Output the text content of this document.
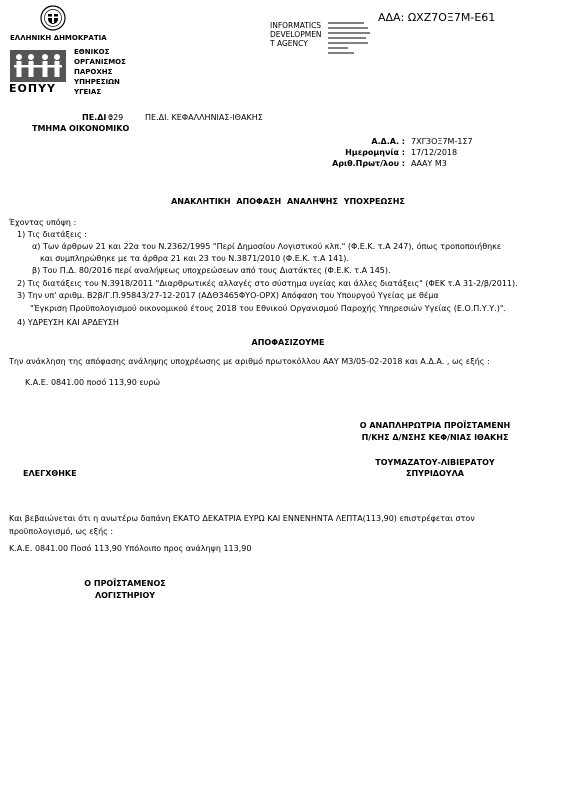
ΕΛΛΗΝΙΚΗ ΔΗΜΟΚΡΑΤΙΑ
ΕΟΠΥΥ
ΕΘΝΙΚΟΣ
ΟΡΓΑΝΙΣΜΟΣ
ΠΑΡΟΧΗΣ
ΥΠΗΡΕΣΙΩΝ
ΥΓΕΙΑΣ
INFORMATICS
DEVELOPMEN
T AGENCY
ΑΔΑ: ΩΧΖ7ΟΞ7Μ-Ε61
ΠΕ.ΔΙ :
029	ΠΕ.ΔΙ. ΚΕΦΑΛΛΗΝΙΑΣ-ΙΘΑΚΗΣ
ΤΜΗΜΑ ΟΙΚΟΝΟΜΙΚΟ
Α.Δ.Α. : 7ΧΓ3ΟΞ7Μ-1Σ7
Ημερομηνία : 17/12/2018
Αριθ.Πρωτ/λου : ΑΑΑΥ Μ3
ΑΝΑΚΛΗΤΙΚΗ ΑΠΟΦΑΣΗ ΑΝΑΛΗΨΗΣ ΥΠΟΧΡΕΩΣΗΣ
Έχοντας υπόψη :
1) Τις διατάξεις :
α) Των άρθρων 21 και 22α του Ν.2362/1995 "Περί Δημοσίου Λογιστικού κλπ." (Φ.Ε.Κ. τ.Α 247), όπως τροποποιήθηκε
και συμπληρώθηκε με τα άρθρα 21 και 23 του Ν.3871/2010 (Φ.Ε.Κ. τ.Α 141).
β) Του Π.Δ. 80/2016 περί αναλήψεως υποχρεώσεων από τους Διατάκτες (Φ.Ε.Κ. τ.Α 145).
2) Τις διατάξεις του Ν.3918/2011 "Διαρθρωτικές αλλαγές στο σύστημα υγείας και άλλες διατάξεις" (ΦΕΚ τ.Α 31-2/β/2011).
3) Την υπ' αριθμ. Β2β/Γ.Π.95843/27-12-2017 (ΑΔΘ3465ΦΥΟ-ΟΡΧ) Απόφαση του Υπουργού Υγείας με θέμα
"Έγκριση Προϋπολογισμού οικονομικού έτους 2018 του Εθνικού Οργανισμού Παροχής Υπηρεσιών Υγείας (Ε.Ο.Π.Υ.Υ.)".
4) ΥΔΡΕΥΣΗ ΚΑΙ ΑΡΔΕΥΣΗ
ΑΠΟΦΑΣΙΖΟΥΜΕ
Την ανάκληση της απόφασης ανάληψης υποχρέωσης με αριθμό πρωτοκόλλου ΑΑΥ Μ3/05-02-2018 και Α.Δ.Α. , ως εξής :
Κ.Α.Ε. 0841.00 ποσό 113,90 ευρώ
Ο ΑΝΑΠΛΗΡΩΤΡΙΑ ΠΡΟΪΣΤΑΜΕΝΗ
Π/ΚΗΣ Δ/ΝΣΗΣ ΚΕΦ/ΝΙΑΣ ΙΘΑΚΗΣ
ΤΟΥΜΑΖΑΤΟΥ-ΛΙΒΙΕΡΑΤΟΥ
ΣΠΥΡΙΔΟΥΛΑ
ΕΛΕΓΧΘΗΚΕ
Και βεβαιώνεται ότι η ανωτέρω δαπάνη ΕΚΑΤΟ ΔΕΚΑΤΡΙΑ ΕΥΡΩ ΚΑΙ ΕΝΝΕΝΗΝΤΑ ΛΕΠΤΑ(113,90) επιστρέφεται στον
προϋπολογισμό, ως εξής :
Κ.Α.Ε. 0841.00 Ποσό 113,90 Υπόλοιπο προς ανάληψη 113,90
Ο ΠΡΟΪΣΤΑΜΕΝΟΣ
ΛΟΓΙΣΤΗΡΙΟΥ
